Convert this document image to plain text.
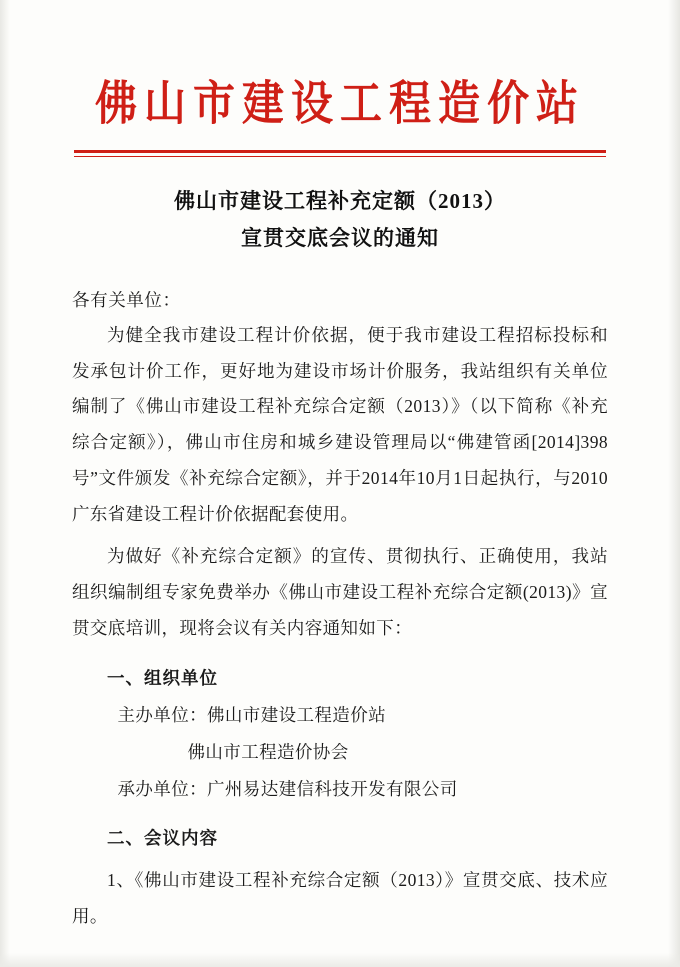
佛山市建设工程造价站
佛山市建设工程补充定额（2013）
宣贯交底会议的通知
各有关单位：
为健全我市建设工程计价依据，便于我市建设工程招标投标和发承包计价工作，更好地为建设市场计价服务，我站组织有关单位编制了《佛山市建设工程补充综合定额（2013）》（以下简称《补充综合定额》），佛山市住房和城乡建设管理局以“佛建管函[2014]398号”文件颁发《补充综合定额》，并于2014年10月1日起执行，与2010广东省建设工程计价依据配套使用。
为做好《补充综合定额》的宣传、贯彻执行、正确使用，我站组织编制组专家免费举办《佛山市建设工程补充综合定额(2013)》宣贯交底培训，现将会议有关内容通知如下：
一、组织单位
主办单位：佛山市建设工程造价站
佛山市工程造价协会
承办单位：广州易达建信科技开发有限公司
二、会议内容
1、《佛山市建设工程补充综合定额（2013）》宣贯交底、技术应用。
